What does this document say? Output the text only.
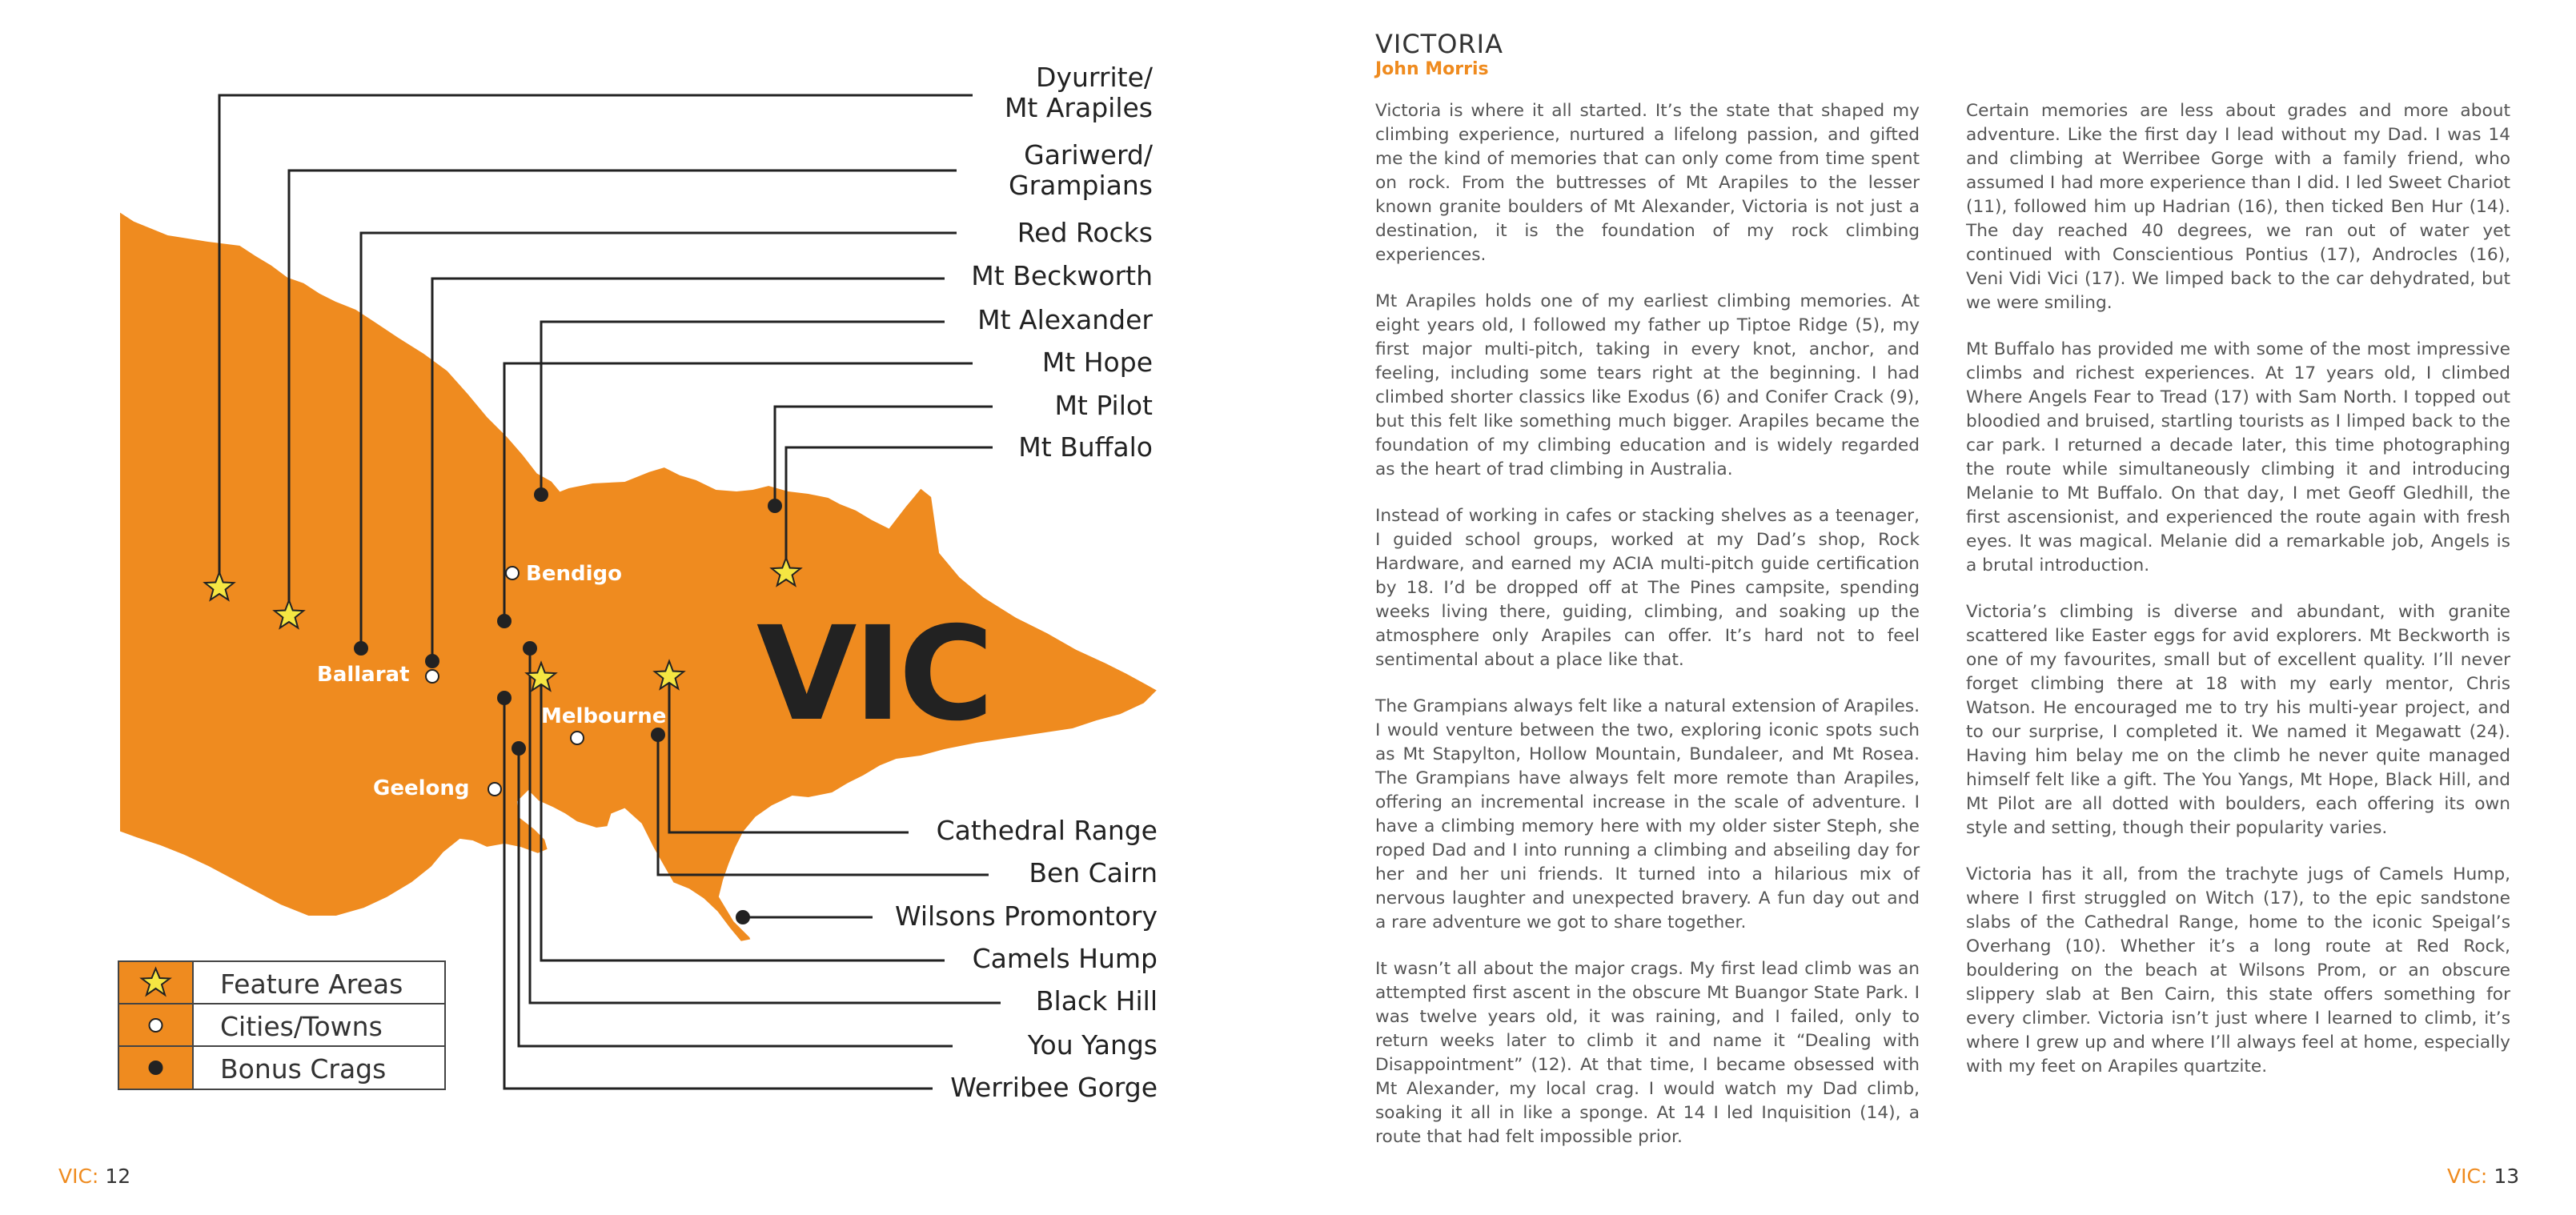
VIC
Dyurrite/
Mt Arapiles
Gariwerd/
Grampians
Red Rocks
Mt Beckworth
Mt Alexander
Mt Hope
Mt Pilot
Mt Buffalo
Cathedral Range
Ben Cairn
Wilsons Promontory
Camels Hump
Black Hill
You Yangs
Werribee Gorge
Bendigo
Ballarat
Melbourne
Geelong
Feature Areas
Cities/Towns
Bonus Crags
VIC: 12
VICTORIA
John Morris

Victoria is where it all started. It’s the state that shaped my climbing experience, nurtured a lifelong passion, and gifted me the kind of memories that can only come from time spent on rock. From the buttresses of Mt Arapiles to the lesser known granite boulders of Mt Alexander, Victoria is not just a destination, it is the foundation of my rock climbing experiences.

Mt Arapiles holds one of my earliest climbing memories. At eight years old, I followed my father up Tiptoe Ridge (5), my first major multi-pitch, taking in every knot, anchor, and feeling, including some tears right at the beginning. I had climbed shorter classics like Exodus (6) and Conifer Crack (9), but this felt like something much bigger. Arapiles became the foundation of my climbing education and is widely regarded as the heart of trad climbing in Australia.

Instead of working in cafes or stacking shelves as a teenager, I guided school groups, worked at my Dad’s shop, Rock Hardware, and earned my ACIA multi-pitch guide certification by 18. I’d be dropped off at The Pines campsite, spending weeks living there, guiding, climbing, and soaking up the atmosphere only Arapiles can offer. It’s hard not to feel sentimental about a place like that.

The Grampians always felt like a natural extension of Arapiles. I would venture between the two, exploring iconic spots such as Mt Stapylton, Hollow Mountain, Bundaleer, and Mt Rosea. The Grampians have always felt more remote than Arapiles, offering an incremental increase in the scale of adventure. I have a climbing memory here with my older sister Steph, she roped Dad and I into running a climbing and abseiling day for her and her uni friends. It turned into a hilarious mix of nervous laughter and unexpected bravery. A fun day out and a rare adventure we got to share together.

It wasn’t all about the major crags. My first lead climb was an attempted first ascent in the obscure Mt Buangor State Park. I was twelve years old, it was raining, and I failed, only to return weeks later to climb it and name it “Dealing with Disappointment” (12). At that time, I became obsessed with Mt Alexander, my local crag. I would watch my Dad climb, soaking it all in like a sponge. At 14 I led Inquisition (14), a route that had felt impossible prior.

Certain memories are less about grades and more about adventure. Like the first day I lead without my Dad. I was 14 and climbing at Werribee Gorge with a family friend, who assumed I had more experience than I did. I led Sweet Chariot (11), followed him up Hadrian (16), then ticked Ben Hur (14). The day reached 40 degrees, we ran out of water yet continued with Conscientious Pontius (17), Androcles (16), Veni Vidi Vici (17). We limped back to the car dehydrated, but we were smiling.

Mt Buffalo has provided me with some of the most impressive climbs and richest experiences. At 17 years old, I climbed Where Angels Fear to Tread (17) with Sam North. I topped out bloodied and bruised, startling tourists as I limped back to the car park. I returned a decade later, this time photographing the route while simultaneously climbing it and introducing Melanie to Mt Buffalo. On that day, I met Geoff Gledhill, the first ascensionist, and experienced the route again with fresh eyes. It was magical. Melanie did a remarkable job, Angels is a brutal introduction.

Victoria’s climbing is diverse and abundant, with granite scattered like Easter eggs for avid explorers. Mt Beckworth is one of my favourites, small but of excellent quality. I’ll never forget climbing there at 18 with my early mentor, Chris Watson. He encouraged me to try his multi-year project, and to our surprise, I completed it. We named it Megawatt (24). Having him belay me on the climb he never quite managed himself felt like a gift. The You Yangs, Mt Hope, Black Hill, and Mt Pilot are all dotted with boulders, each offering its own style and setting, though their popularity varies.

Victoria has it all, from the trachyte jugs of Camels Hump, where I first struggled on Witch (17), to the epic sandstone slabs of the Cathedral Range, home to the iconic Speigal’s Overhang (10). Whether it’s a long route at Red Rock, bouldering on the beach at Wilsons Prom, or an obscure slippery slab at Ben Cairn, this state offers something for every climber. Victoria isn’t just where I learned to climb, it’s where I grew up and where I’ll always feel at home, especially with my feet on Arapiles quartzite.

VIC: 13
